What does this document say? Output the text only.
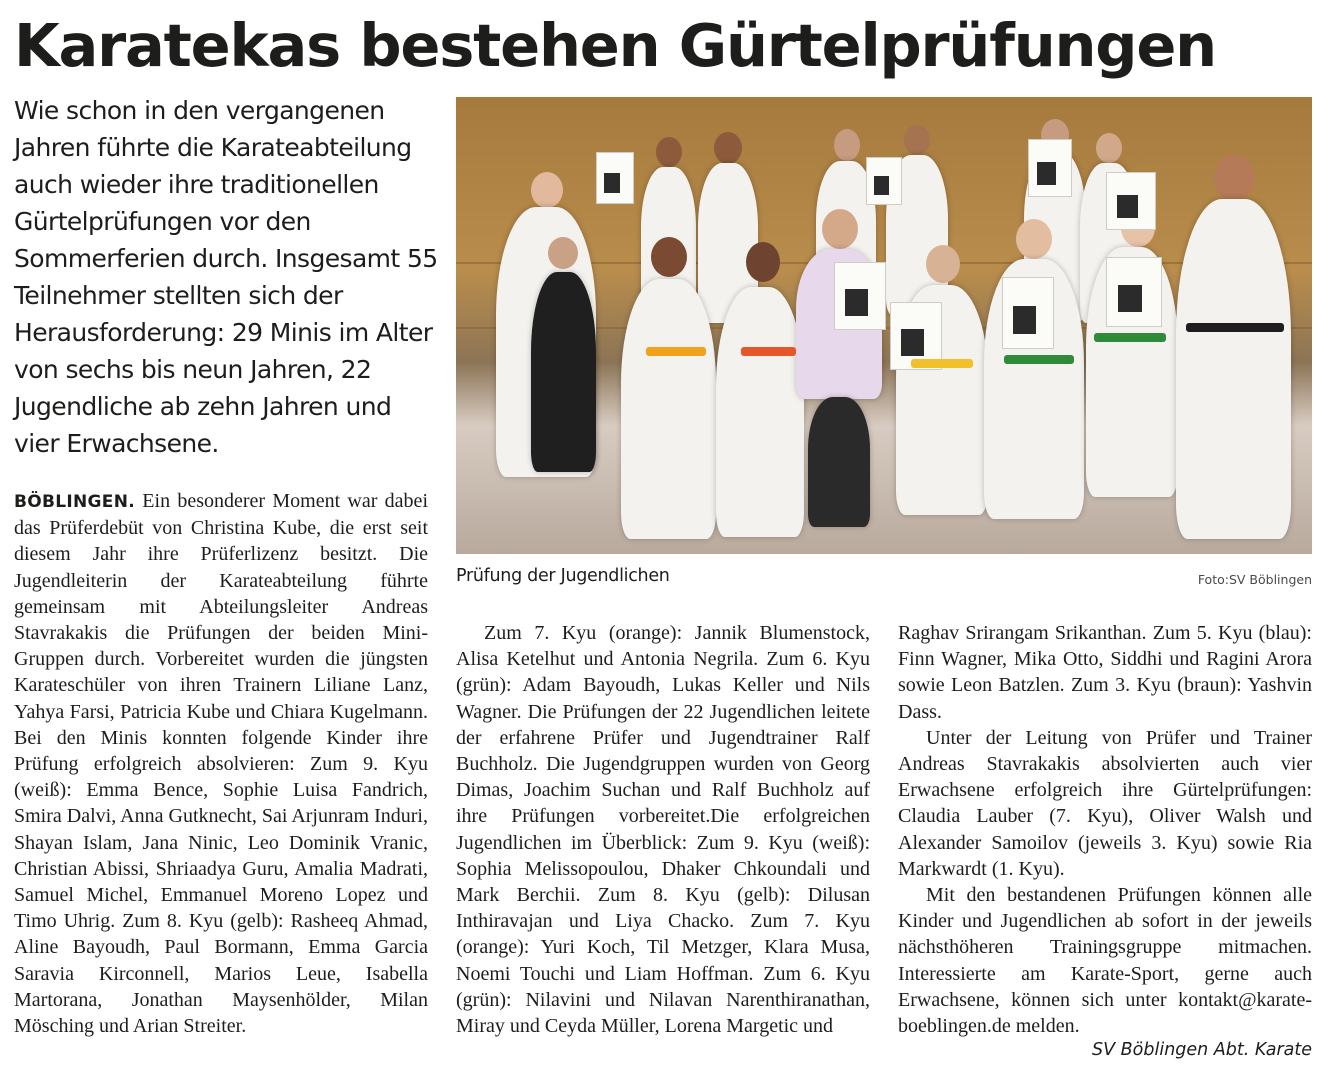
Karatekas bestehen Gürtelprüfungen

Wie schon in den vergangenen Jahren führte die Karateabteilung auch wieder ihre traditionellen Gürtelprüfungen vor den Sommerferien durch. Insgesamt 55 Teilnehmer stellten sich der Herausforderung: 29 Minis im Alter von sechs bis neun Jahren, 22 Jugendliche ab zehn Jahren und vier Erwachsene.

Prüfung der Jugendlichen	Foto:SV Böblingen

BÖBLINGEN. Ein besonderer Moment war dabei das Prüferdebüt von Christina Kube, die erst seit diesem Jahr ihre Prüferlizenz besitzt. Die Jugendleiterin der Karateabteilung führte gemeinsam mit Abteilungsleiter Andreas Stavrakakis die Prüfungen der beiden Mini-Gruppen durch. Vorbereitet wurden die jüngsten Karateschüler von ihren Trainern Liliane Lanz, Yahya Farsi, Patricia Kube und Chiara Kugelmann. Bei den Minis konnten folgende Kinder ihre Prüfung erfolgreich absolvieren: Zum 9. Kyu (weiß): Emma Bence, Sophie Luisa Fandrich, Smira Dalvi, Anna Gutknecht, Sai Arjunram Induri, Shayan Islam, Jana Ninic, Leo Dominik Vranic, Christian Abissi, Shriaadya Guru, Amalia Madrati, Samuel Michel, Emmanuel Moreno Lopez und Timo Uhrig. Zum 8. Kyu (gelb): Rasheeq Ahmad, Aline Bayoudh, Paul Bormann, Emma Garcia Saravia Kirconnell, Marios Leue, Isabella Martorana, Jonathan Maysenhölder, Milan Mösching und Arian Streiter.

Zum 7. Kyu (orange): Jannik Blumenstock, Alisa Ketelhut und Antonia Negrila. Zum 6. Kyu (grün): Adam Bayoudh, Lukas Keller und Nils Wagner. Die Prüfungen der 22 Jugendlichen leitete der erfahrene Prüfer und Jugendtrainer Ralf Buchholz. Die Jugendgruppen wurden von Georg Dimas, Joachim Suchan und Ralf Buchholz auf ihre Prüfungen vorbereitet.Die erfolgreichen Jugendlichen im Überblick: Zum 9. Kyu (weiß): Sophia Melissopoulou, Dhaker Chkoundali und Mark Berchii. Zum 8. Kyu (gelb): Dilusan Inthiravajan und Liya Chacko. Zum 7. Kyu (orange): Yuri Koch, Til Metzger, Klara Musa, Noemi Touchi und Liam Hoffman. Zum 6. Kyu (grün): Nilavini und Nilavan Narenthiranathan, Miray und Ceyda Müller, Lorena Margetic und

Raghav Srirangam Srikanthan. Zum 5. Kyu (blau): Finn Wagner, Mika Otto, Siddhi und Ragini Arora sowie Leon Batzlen. Zum 3. Kyu (braun): Yashvin Dass.

Unter der Leitung von Prüfer und Trainer Andreas Stavrakakis absolvierten auch vier Erwachsene erfolgreich ihre Gürtelprüfungen: Claudia Lauber (7. Kyu), Oliver Walsh und Alexander Samoilov (jeweils 3. Kyu) sowie Ria Markwardt (1. Kyu).

Mit den bestandenen Prüfungen können alle Kinder und Jugendlichen ab sofort in der jeweils nächsthöheren Trainingsgruppe mitmachen. Interessierte am Karate-Sport, gerne auch Erwachsene, können sich unter kontakt@karate-boeblingen.de melden.

SV Böblingen Abt. Karate
